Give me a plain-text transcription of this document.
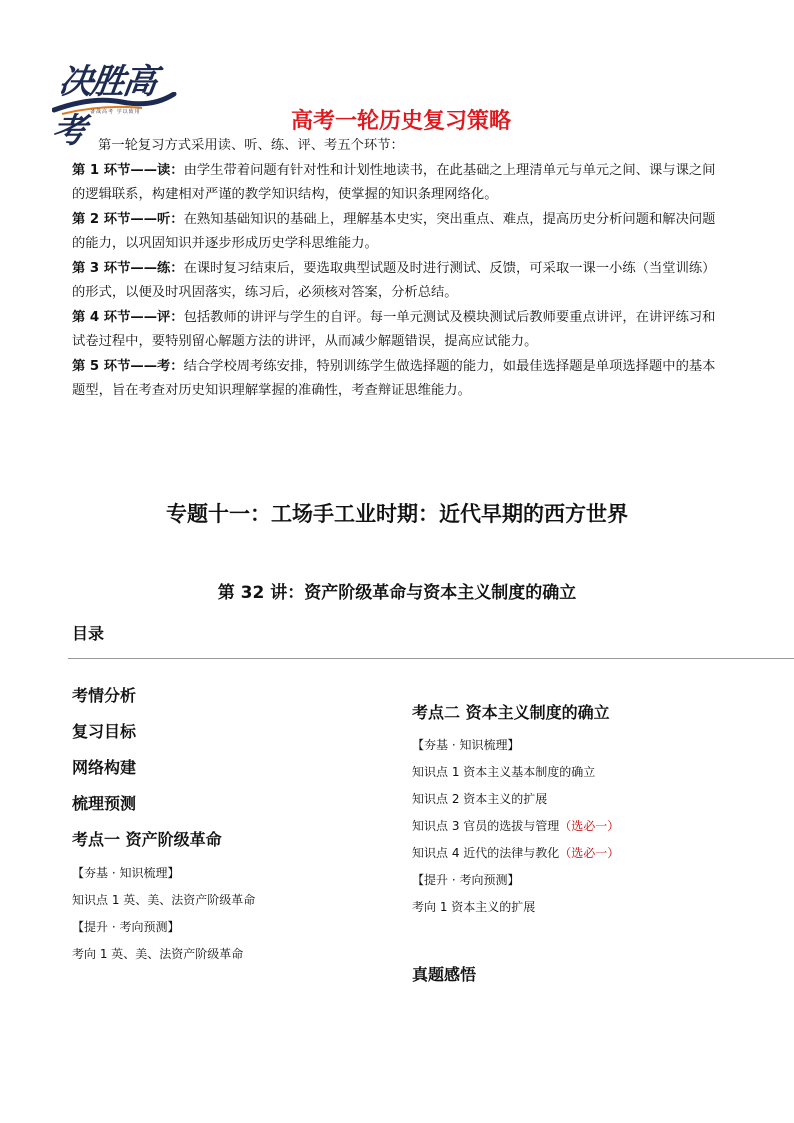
决胜高考 备战高考 学以致用	高考一轮历史复习策略

第一轮复习方式采用读、听、练、评、考五个环节：

第 1 环节——读：由学生带着问题有针对性和计划性地读书，在此基础之上理清单元与单元之间、课与课之间的逻辑联系，构建相对严谨的教学知识结构，使掌握的知识条理网络化。

第 2 环节——听：在熟知基础知识的基础上，理解基本史实，突出重点、难点，提高历史分析问题和解决问题的能力，以巩固知识并逐步形成历史学科思维能力。

第 3 环节——练：在课时复习结束后，要选取典型试题及时进行测试、反馈，可采取一课一小练（当堂训练）的形式，以便及时巩固落实，练习后，必须核对答案，分析总结。

第 4 环节——评：包括教师的讲评与学生的自评。每一单元测试及模块测试后教师要重点讲评，在讲评练习和试卷过程中，要特别留心解题方法的讲评，从而减少解题错误，提高应试能力。

第 5 环节——考：结合学校周考练安排，特别训练学生做选择题的能力，如最佳选择题是单项选择题中的基本题型，旨在考查对历史知识理解掌握的准确性，考查辩证思维能力。

专题十一：工场手工业时期：近代早期的西方世界
第 32 讲：资产阶级革命与资本主义制度的确立
目录

考情分析

复习目标

网络构建

梳理预测

考点一 资产阶级革命

【夯基 · 知识梳理】

知识点 1 英、美、法资产阶级革命

【提升 · 考向预测】

考向 1 英、美、法资产阶级革命

考点二 资本主义制度的确立

【夯基 · 知识梳理】

知识点 1 资本主义基本制度的确立

知识点 2 资本主义的扩展

知识点 3 官员的选拔与管理（选必一）

知识点 4 近代的法律与教化（选必一）

【提升 · 考向预测】

考向 1 资本主义的扩展

真题感悟
